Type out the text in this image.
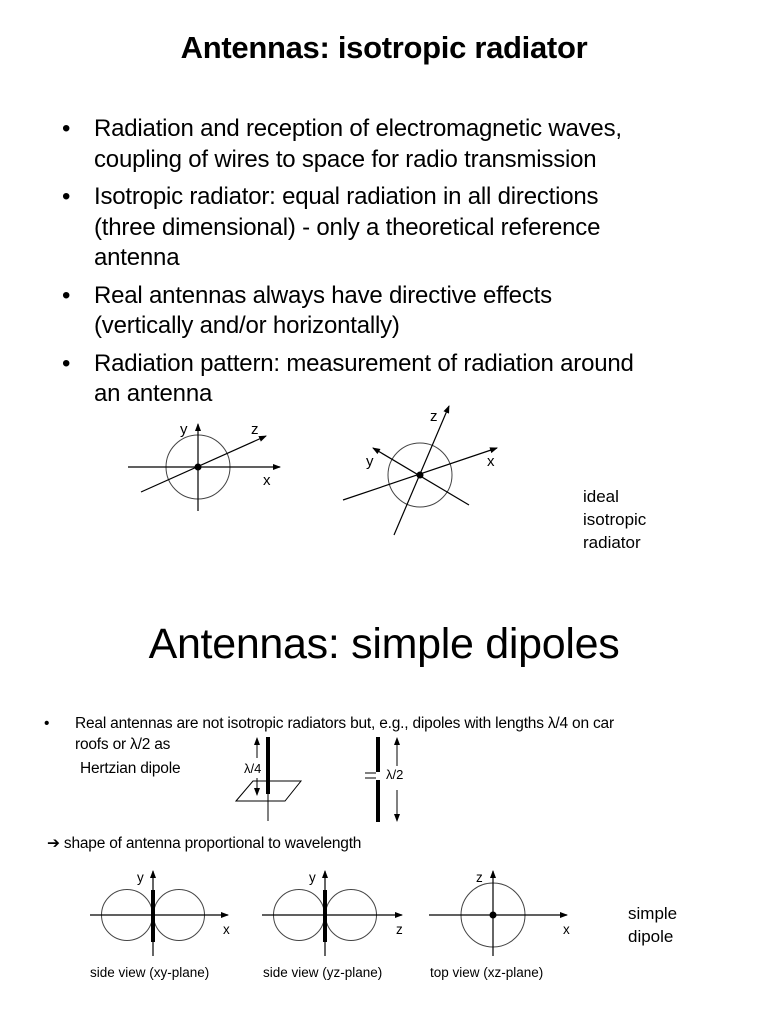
Antennas: isotropic radiator
• Radiation and reception of electromagnetic waves,
coupling of wires to space for radio transmission
• Isotropic radiator: equal radiation in all directions
(three dimensional) - only a theoretical reference
antenna
• Real antennas always have directive effects
(vertically and/or horizontally)
• Radiation pattern: measurement of radiation around
an antenna
y	z
x
z
y	x
ideal
isotropic
radiator
Antennas: simple dipoles
• Real antennas are not isotropic radiators but, e.g., dipoles with lengths λ/4 on car
roofs or λ/2 as
Hertzian dipole	λ/4	λ/2
➔ shape of antenna proportional to wavelength
y
x
y
z
z
x
side view (xy-plane)	side view (yz-plane)	top view (xz-plane)
simple
dipole
